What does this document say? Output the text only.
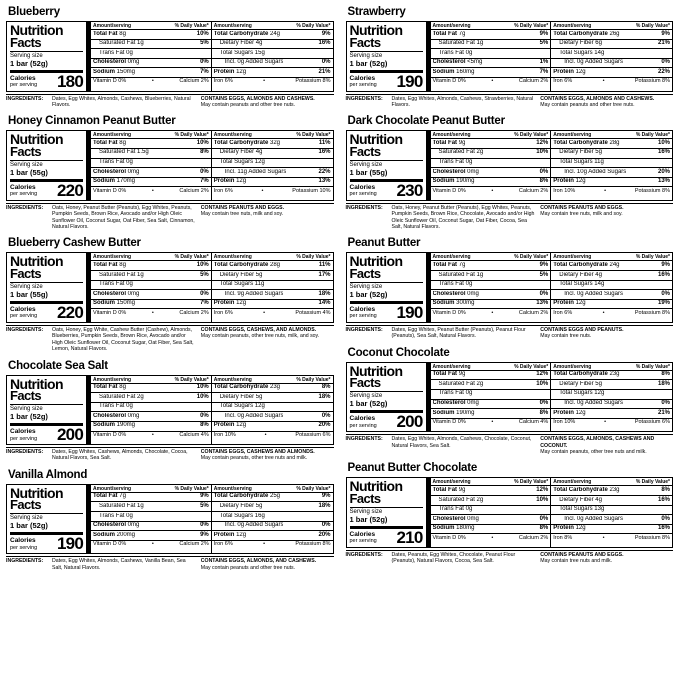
Blueberry
Nutrition
Facts
Serving size
1 bar (52g)
Calories
per serving 180
Amount/serving	% Daily Value*
Total Fat 8g	10%
Saturated Fat 1g	5%
Trans Fat 0g
Cholesterol 0mg	0%
Sodium 150mg	7%
Vitamin D 0%	•	Calcium 2%
Amount/serving	% Daily Value*
Total Carbohydrate 24g	9%
Dietary Fiber 4g	16%
Total Sugars 15g
Incl. 0g Added Sugars	0%
Protein 12g	21%
Iron 6%	•	Potassium 8%
INGREDIENTS:	Dates, Egg Whites, Almonds, Cashews, Blueberries, Natural Flavors.
CONTAINS EGGS, ALMONDS AND CASHEWS.
May contain peanuts and other tree nuts.
Honey Cinnamon Peanut Butter
Nutrition
Facts
Serving size
1 bar (55g)
Calories
per serving 220
Amount/serving	% Daily Value*
Total Fat 8g	10%
Saturated Fat 1.5g	8%
Trans Fat 0g
Cholesterol 0mg	0%
Sodium 170mg	7%
Vitamin D 0%	•	Calcium 2%
Amount/serving	% Daily Value*
Total Carbohydrate 32g	11%
Dietary Fiber 4g	16%
Total Sugars 12g
Incl. 11g Added Sugars	22%
Protein 12g	13%
Iron 6%	•	Potassium 10%
INGREDIENTS:	Oats, Honey, Peanut Butter (Peanuts), Egg Whites, Peanuts, Pumpkin Seeds, Brown Rice, Avocado and/or High Oleic Sunflower Oil, Coconut Sugar, Oat Fiber, Sea Salt, Cinnamon, Natural Flavors.
CONTAINS PEANUTS AND EGGS.
May contain tree nuts, milk and soy.
Blueberry Cashew Butter
Nutrition
Facts
Serving size
1 bar (55g)
Calories
per serving 220
Amount/serving	% Daily Value*
Total Fat 8g	10%
Saturated Fat 1g	5%
Trans Fat 0g
Cholesterol 0mg	0%
Sodium 150mg	7%
Vitamin D 0%	•	Calcium 2%
Amount/serving	% Daily Value*
Total Carbohydrate 28g	11%
Dietary Fiber 5g	17%
Total Sugars 11g
Incl. 9g Added Sugars	18%
Protein 12g	14%
Iron 6%	•	Potassium 4%
INGREDIENTS:	Oats, Honey, Egg White, Cashew Butter (Cashew), Almonds, Blueberries, Pumpkin Seeds, Brown Rice, Avocado and/or High Oleic Sunflower Oil, Coconut Sugar, Oat Fiber, Sea Salt, Lemon, Natural Flavors.
CONTAINS EGGS, CASHEWS, AND ALMONDS.
May contain peanuts, other tree nuts, milk, and soy.
Chocolate Sea Salt
Nutrition
Facts
Serving size
1 bar (52g)
Calories
per serving 200
Amount/serving	% Daily Value*
Total Fat 8g	10%
Saturated Fat 2g	10%
Trans Fat 0g
Cholesterol 0mg	0%
Sodium 190mg	8%
Vitamin D 0%	•	Calcium 4%
Amount/serving	% Daily Value*
Total Carbohydrate 23g	8%
Dietary Fiber 5g	18%
Total Sugars 12g
Incl. 0g Added Sugars	0%
Protein 12g	20%
Iron 10%	•	Potassium 6%
INGREDIENTS:	Dates, Egg Whites, Cashews, Almonds, Chocolate, Cocoa, Natural Flavors, Sea Salt.
CONTAINS EGGS, CASHEWS AND ALMONDS.
May contain peanuts, other tree nuts and milk.
Vanilla Almond
Nutrition
Facts
Serving size
1 bar (52g)
Calories
per serving 190
Amount/serving	% Daily Value*
Total Fat 7g	9%
Saturated Fat 1g	5%
Trans Fat 0g
Cholesterol 0mg	0%
Sodium 200mg	9%
Vitamin D 0%	•	Calcium 2%
Amount/serving	% Daily Value*
Total Carbohydrate 25g	9%
Dietary Fiber 5g	18%
Total Sugars 16g
Incl. 0g Added Sugars	0%
Protein 12g	20%
Iron 6%	•	Potassium 8%
INGREDIENTS:	Dates, Egg Whites, Almonds, Cashews, Vanilla Bean, Sea Salt, Natural Flavors.
CONTAINS EGGS, ALMONDS, AND CASHEWS.
May contain peanuts and other tree nuts.
Strawberry
Nutrition
Facts
Serving size
1 bar (52g)
Calories
per serving 190
Amount/serving	% Daily Value*
Total Fat 7g	9%
Saturated Fat 1g	5%
Trans Fat 0g
Cholesterol <5mg	1%
Sodium 160mg	7%
Vitamin D 0%	•	Calcium 2%
Amount/serving	% Daily Value*
Total Carbohydrate 26g	9%
Dietary Fiber 6g	21%
Total Sugars 14g
Incl. 0g Added Sugars	0%
Protein 12g	22%
Iron 6%	•	Potassium 8%
INGREDIENTS:	Dates, Egg Whites, Almonds, Cashews, Strawberries, Natural Flavors.
CONTAINS EGGS, ALMONDS AND CASHEWS.
May contain peanuts and other tree nuts.
Dark Chocolate Peanut Butter
Nutrition
Facts
Serving size
1 bar (55g)
Calories
per serving 230
Amount/serving	% Daily Value*
Total Fat 9g	12%
Saturated Fat 2g	10%
Trans Fat 0g
Cholesterol 0mg	0%
Sodium 190mg	8%
Vitamin D 0%	•	Calcium 2%
Amount/serving	% Daily Value*
Total Carbohydrate 28g	10%
Dietary Fiber 5g	16%
Total Sugars 11g
Incl. 10g Added Sugars	20%
Protein 12g	13%
Iron 10%	•	Potassium 8%
INGREDIENTS:	Oats, Honey, Peanut Butter (Peanuts), Egg Whites, Peanuts, Pumpkin Seeds, Brown Rice, Chocolate, Avocado and/or High Oleic Sunflower Oil, Coconut Sugar, Oat Fiber, Cocoa, Sea Salt, Natural Flavors.
CONTAINS PEANUTS AND EGGS.
May contain tree nuts, milk and soy.
Peanut Butter
Nutrition
Facts
Serving size
1 bar (52g)
Calories
per serving 190
Amount/serving	% Daily Value*
Total Fat 7g	9%
Saturated Fat 1g	5%
Trans Fat 0g
Cholesterol 0mg	0%
Sodium 300mg	13%
Vitamin D 0%	•	Calcium 2%
Amount/serving	% Daily Value*
Total Carbohydrate 24g	9%
Dietary Fiber 4g	16%
Total Sugars 14g
Incl. 0g Added Sugars	0%
Protein 12g	19%
Iron 6%	•	Potassium 8%
INGREDIENTS:	Dates, Egg Whites, Peanut Butter (Peanuts), Peanut Flour (Peanuts), Sea Salt, Natural Flavors.
CONTAINS EGGS AND PEANUTS.
May contain tree nuts.
Coconut Chocolate
Nutrition
Facts
Serving size
1 bar (52g)
Calories
per serving 200
Amount/serving	% Daily Value*
Total Fat 9g	12%
Saturated Fat 2g	10%
Trans Fat 0g
Cholesterol 0mg	0%
Sodium 190mg	8%
Vitamin D 0%	•	Calcium 4%
Amount/serving	% Daily Value*
Total Carbohydrate 23g	8%
Dietary Fiber 5g	18%
Total Sugars 12g
Incl. 0g Added Sugars	0%
Protein 12g	21%
Iron 10%	•	Potassium 6%
INGREDIENTS:	Dates, Egg Whites, Almonds, Cashews, Chocolate, Coconut, Natural Flavors, Sea Salt.
CONTAINS EGGS, ALMONDS, CASHEWS AND COCONUT.
May contain peanuts, other tree nuts and milk.
Peanut Butter Chocolate
Nutrition
Facts
Serving size
1 bar (52g)
Calories
per serving 210
Amount/serving	% Daily Value*
Total Fat 9g	12%
Saturated Fat 2g	10%
Trans Fat 0g
Cholesterol 0mg	0%
Sodium 180mg	8%
Vitamin D 0%	•	Calcium 2%
Amount/serving	% Daily Value*
Total Carbohydrate 23g	8%
Dietary Fiber 4g	16%
Total Sugars 13g
Incl. 0g Added Sugars	0%
Protein 12g	16%
Iron 8%	•	Potassium 8%
INGREDIENTS:	Dates, Peanuts, Egg Whites, Chocolate, Peanut Flour (Peanuts), Natural Flavors, Cocoa, Sea Salt.
CONTAINS PEANUTS AND EGGS.
May contain tree nuts and milk.
